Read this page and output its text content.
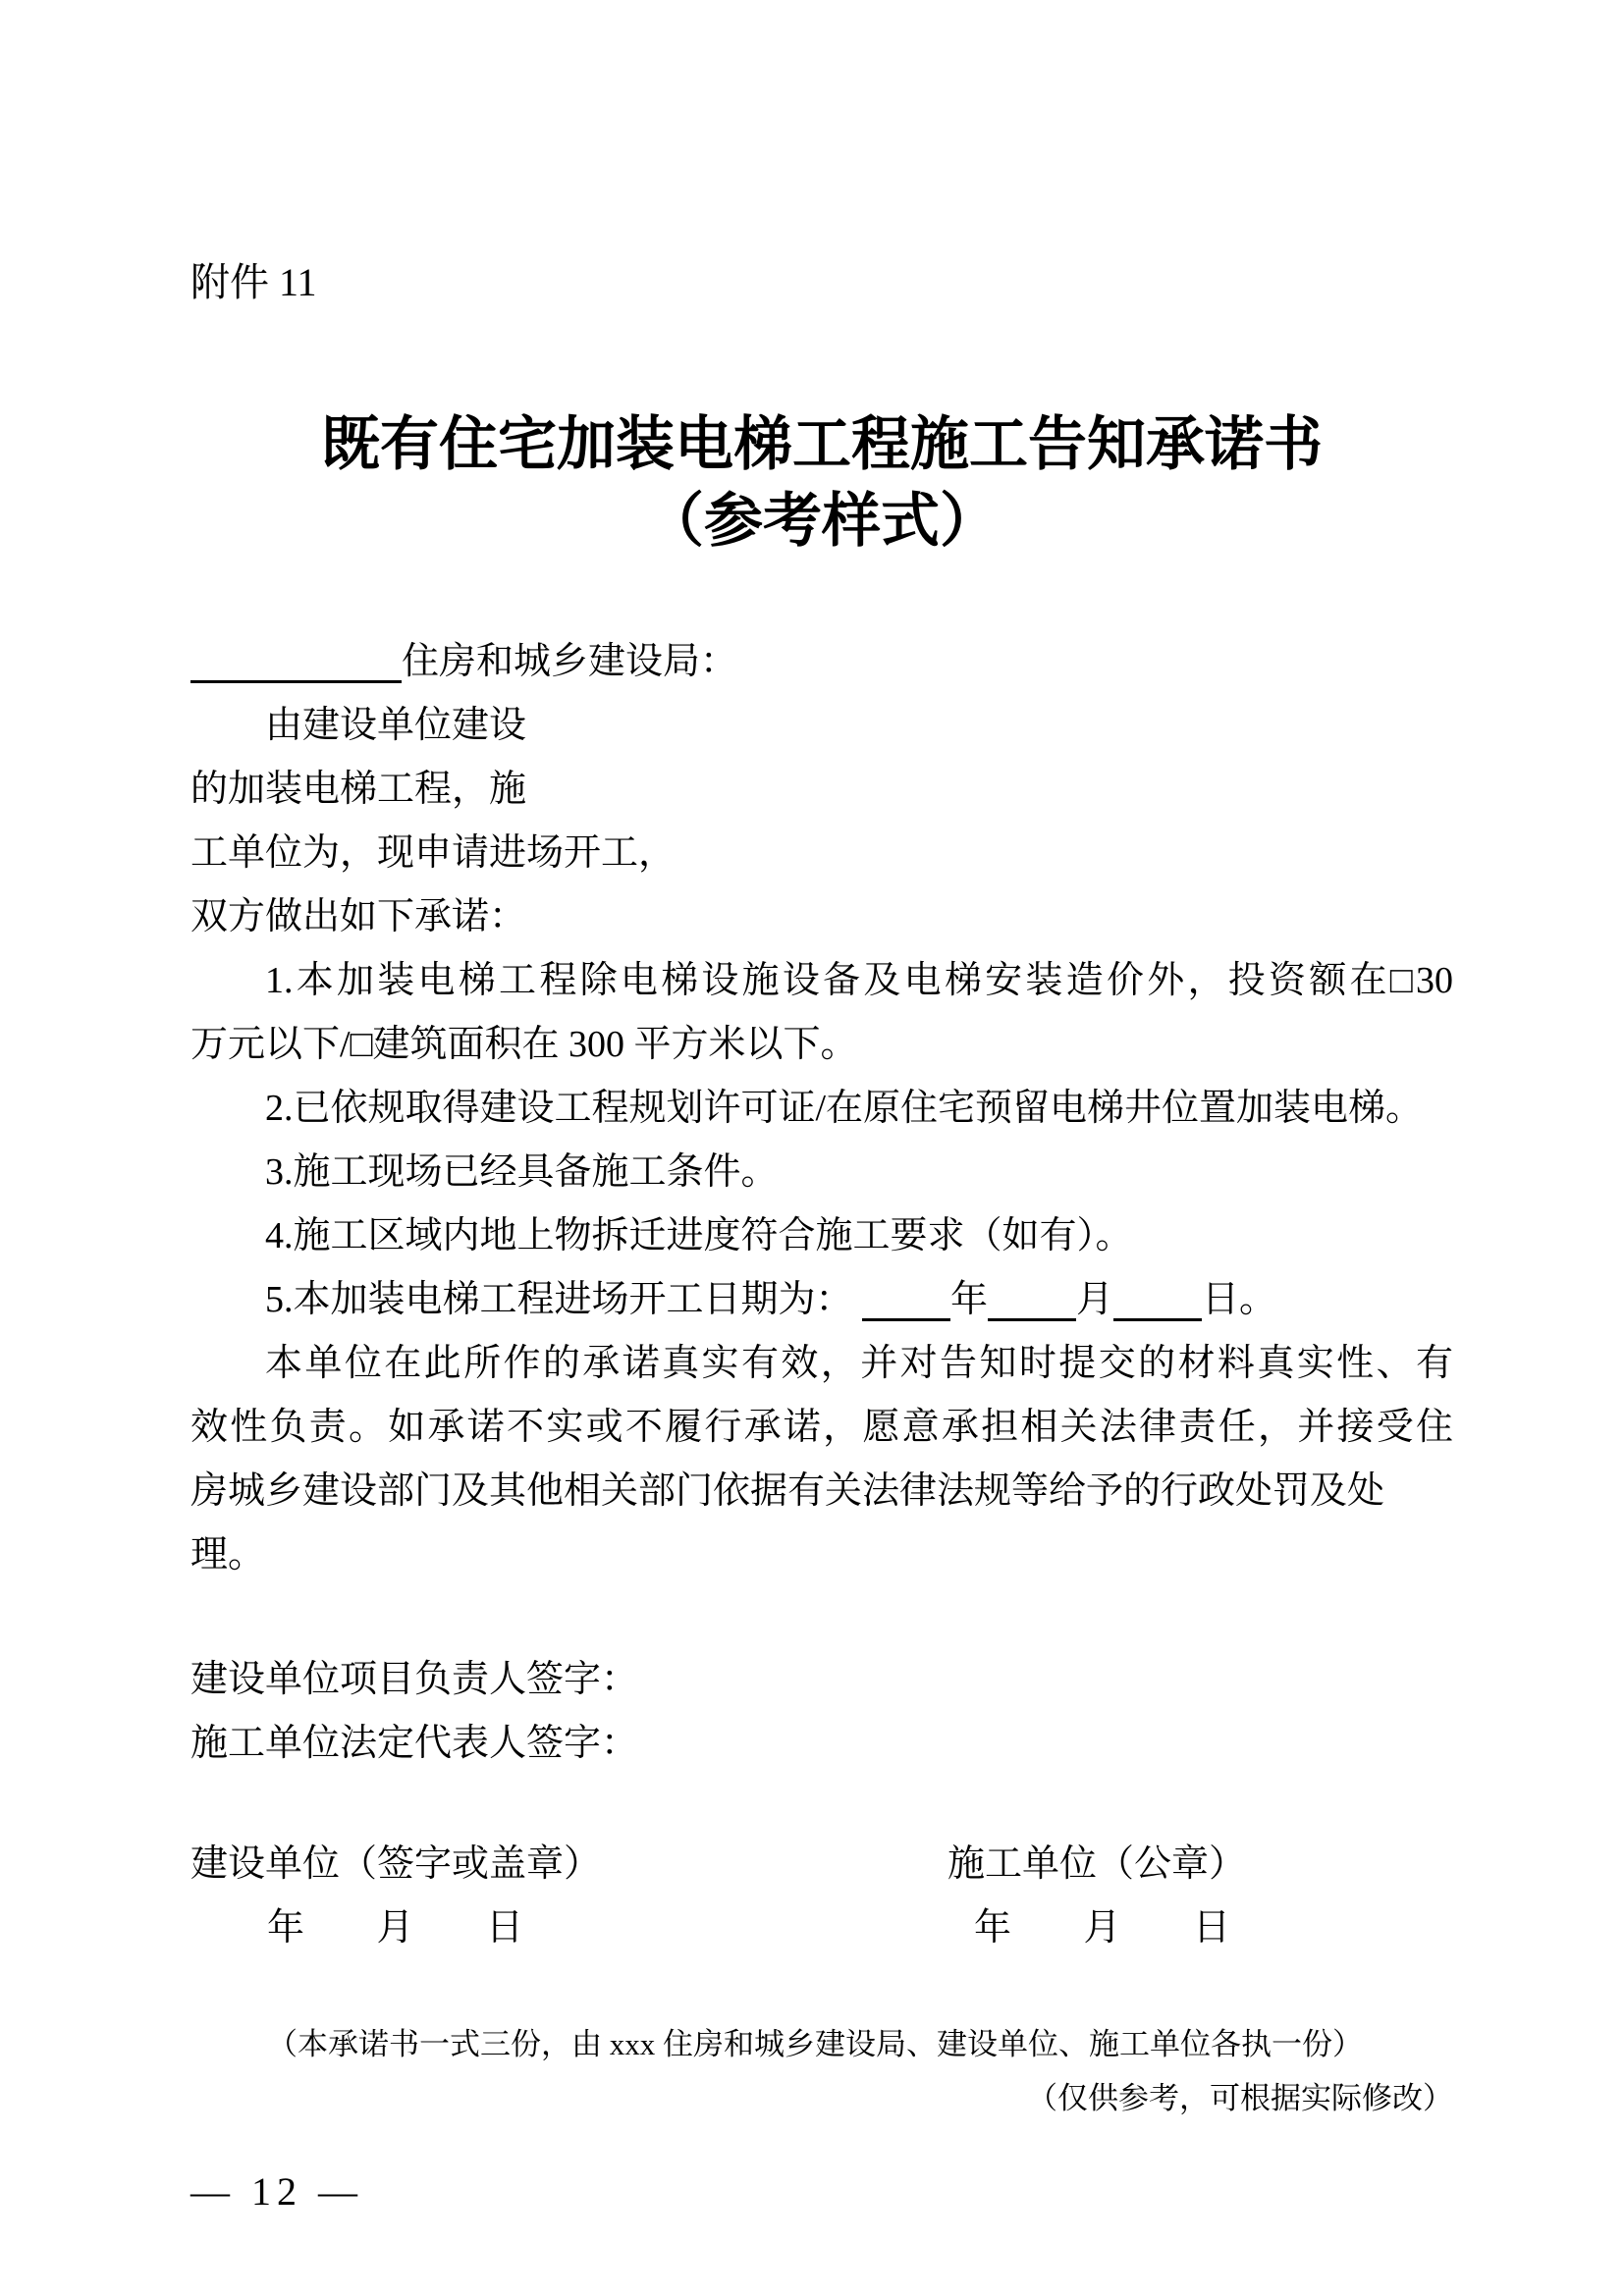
附件 11
既有住宅加装电梯工程施工告知承诺书
（参考样式）
住房和城乡建设局：
由建设单位 建设
的 加装电梯工程，施
工单位为 ，现申请进场开工，
双方做出如下承诺：
1.本加装电梯工程除电梯设施设备及电梯安装造价外，投资额在□30
万元以下/□建筑面积在 300 平方米以下。
2.已依规取得建设工程规划许可证/在原住宅预留电梯井位置加装电梯。
3.施工现场已经具备施工条件。
4.施工区域内地上物拆迁进度符合施工要求（如有）。
5.本加装电梯工程进场开工日期为： 年 月 日。
本单位在此所作的承诺真实有效，并对告知时提交的材料真实性、有
效性负责。如承诺不实或不履行承诺，愿意承担相关法律责任，并接受住
房城乡建设部门及其他相关部门依据有关法律法规等给予的行政处罚及处理。
建设单位项目负责人签字：
施工单位法定代表人签字：
建设单位（签字或盖章）	施工单位（公章）
年 月 日	年 月 日
（本承诺书一式三份，由 xxx 住房和城乡建设局、建设单位、施工单位各执一份）
（仅供参考，可根据实际修改）
— 12 —
